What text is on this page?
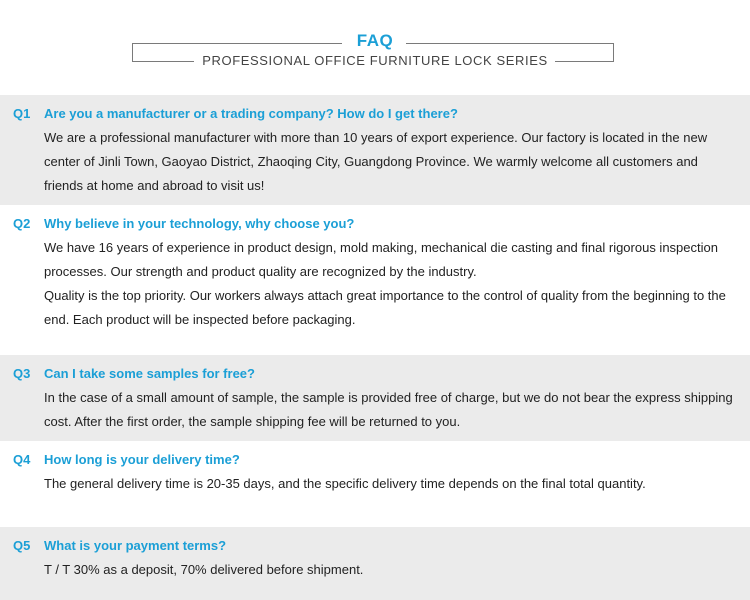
FAQ
PROFESSIONAL OFFICE FURNITURE LOCK SERIES
Q1	Are you a manufacturer or a trading company? How do I get there?

We are a professional manufacturer with more than 10 years of export experience. Our factory is located in the new center of Jinli Town, Gaoyao District, Zhaoqing City, Guangdong Province. We warmly welcome all customers and friends at home and abroad to visit us!

Q2	Why believe in your technology, why choose you?

We have 16 years of experience in product design, mold making, mechanical die casting and final rigorous inspection processes. Our strength and product quality are recognized by the industry.

Quality is the top priority. Our workers always attach great importance to the control of quality from the beginning to the end. Each product will be inspected before packaging.

Q3	Can I take some samples for free?

In the case of a small amount of sample, the sample is provided free of charge, but we do not bear the express shipping cost. After the first order, the sample shipping fee will be returned to you.

Q4	How long is your delivery time?

The general delivery time is 20-35 days, and the specific delivery time depends on the final total quantity.

Q5	What is your payment terms?

T / T 30% as a deposit, 70% delivered before shipment.
